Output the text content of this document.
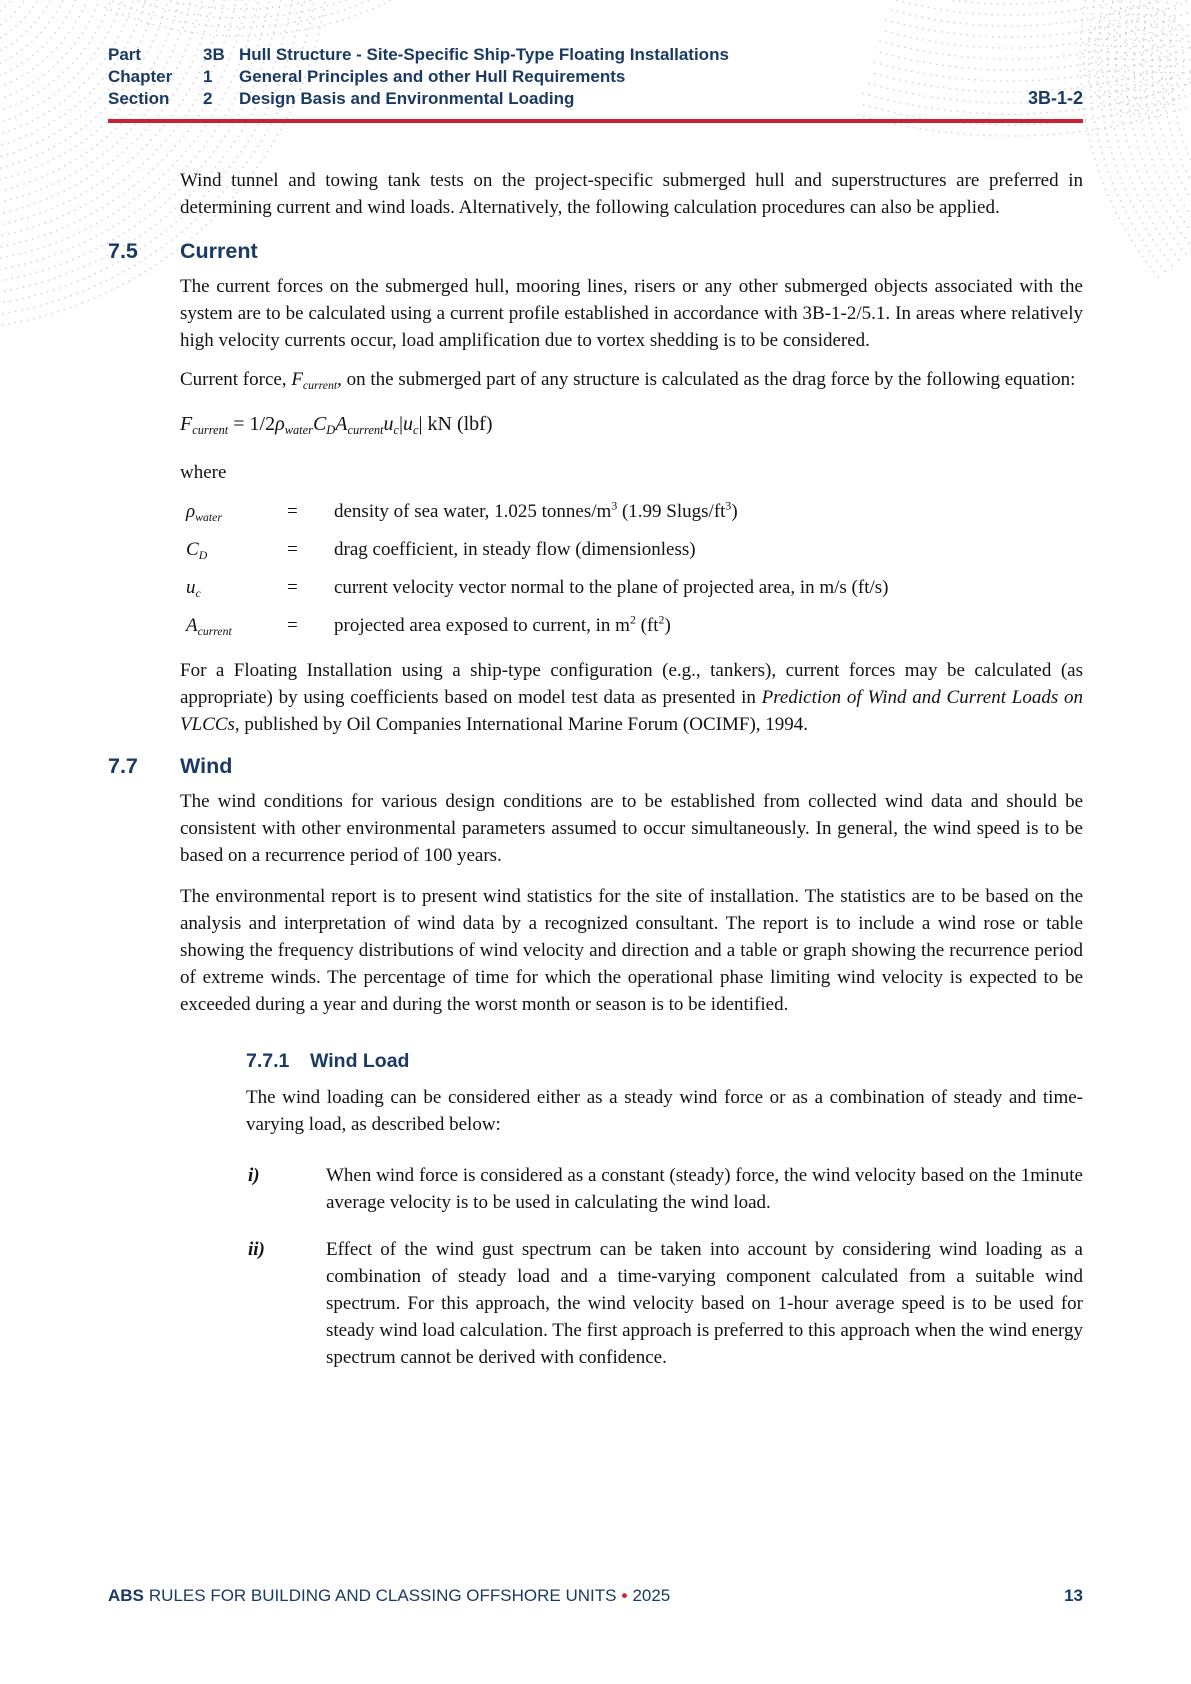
Part	3B Hull Structure - Site-Specific Ship-Type Floating Installations
Chapter 1 General Principles and other Hull Requirements
Section 2 Design Basis and Environmental Loading	3B-1-2

Wind tunnel and towing tank tests on the project-specific submerged hull and superstructures are preferred in determining current and wind loads. Alternatively, the following calculation procedures can also be applied.

7.5 Current

The current forces on the submerged hull, mooring lines, risers or any other submerged objects associated with the system are to be calculated using a current profile established in accordance with 3B-1-2/5.1. In areas where relatively high velocity currents occur, load amplification due to vortex shedding is to be considered.

Current force, $F_{current}$, on the submerged part of any structure is calculated as the drag force by the following equation:

$F_{current} = 1/2\rho_{water}C_DA_{current}u_c|u_c|$ kN (lbf)

where

$\rho_{water}$	=	density of sea water, 1.025 tonnes/$m^3$ (1.99 Slugs/$ft^3$)
$C_D$	=	drag coefficient, in steady flow (dimensionless)
$u_c$	=	current velocity vector normal to the plane of projected area, in m/s (ft/s)
$A_{current}$	=	projected area exposed to current, in $m^2$ $(ft^2)$

For a Floating Installation using a ship-type configuration (e.g., tankers), current forces may be calculated (as appropriate) by using coefficients based on model test data as presented in Prediction of Wind and Current Loads on VLCCs, published by Oil Companies International Marine Forum (OCIMF), 1994.

7.7 Wind

The wind conditions for various design conditions are to be established from collected wind data and should be consistent with other environmental parameters assumed to occur simultaneously. In general, the wind speed is to be based on a recurrence period of 100 years.

The environmental report is to present wind statistics for the site of installation. The statistics are to be based on the analysis and interpretation of wind data by a recognized consultant. The report is to include a wind rose or table showing the frequency distributions of wind velocity and direction and a table or graph showing the recurrence period of extreme winds. The percentage of time for which the operational phase limiting wind velocity is expected to be exceeded during a year and during the worst month or season is to be identified.

7.7.1 Wind Load

The wind loading can be considered either as a steady wind force or as a combination of steady and time-varying load, as described below:

i)	When wind force is considered as a constant (steady) force, the wind velocity based on the 1minute average velocity is to be used in calculating the wind load.
ii)	Effect of the wind gust spectrum can be taken into account by considering wind loading as a combination of steady load and a time-varying component calculated from a suitable wind spectrum. For this approach, the wind velocity based on 1-hour average speed is to be used for steady wind load calculation. The first approach is preferred to this approach when the wind energy spectrum cannot be derived with confidence.
ABS RULES FOR BUILDING AND CLASSING OFFSHORE UNITS • 2025	13
